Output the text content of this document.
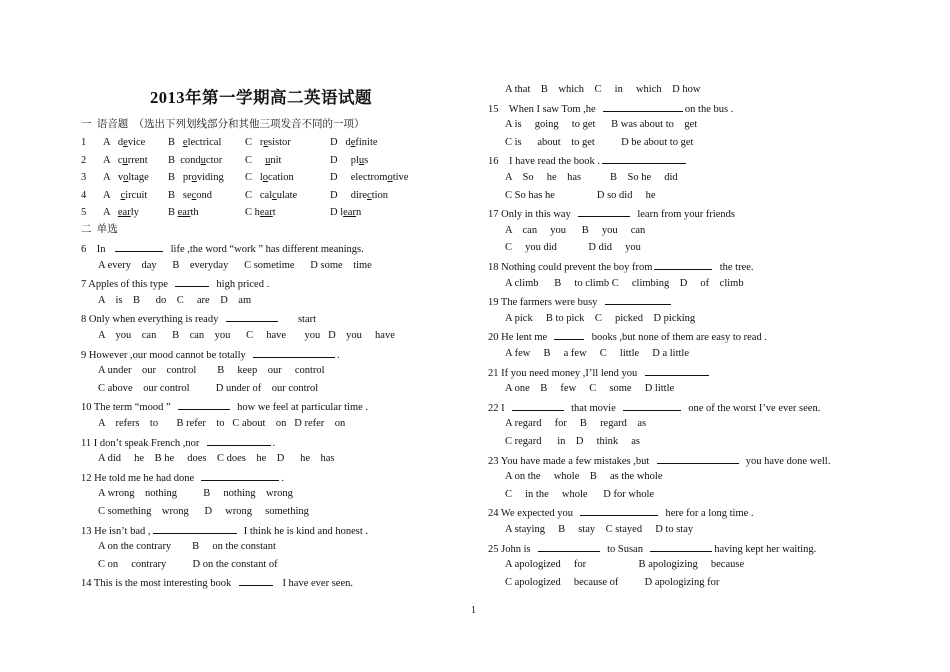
2013年第一学期高二英语试题
一  语音题  （选出下列划线部分和其他三项发音不同的一项）
1 A   device B   electrical C   resistor	D   definite
2 A   current B  conductor C     unit	D     plus
3 A   voltage B   providing C   location	D     electromotive
4 A    circuit B   second	C   calculate	D     direction
5 A   early	B earth	C heart	D learn
二  单选
6    In	life ,the word “work ” has different meanings.
A every    day      B    everyday      C sometime      D some    time
7 Apples of this type	high priced .
A    is    B      do    C     are    D    am
8 Only when everything is ready	start
A    you    can      B    can    you      C     have       you   D    you     have
9 However ,our mood cannot be totally	.
A under    our    control        B     keep    our     control
C above    our control          D under of    our control
10 The term “mood ”	how we feel at particular time .
A    refers    to       B refer    to   C about    on   D refer    on
11 I don’t speak French ,nor	.
A did     he    B he     does    C does    he    D      he    has
12 He told me he had done	.
A wrong    nothing          B     nothing    wrong
C something    wrong      D     wrong     something
13 He isn’t bad ,	I think he is kind and honest .
A on the contrary        B     on the constant
C on     contrary          D on the constant of
14 This is the most interesting book	I have ever seen.
A that    B    which    C     in     which    D how
15    When I saw Tom ,he	on the bus .
A is     going     to get      B was about to    get
C is      about    to get          D be about to get
16    I have read the book .
A    So     he    has           B    So he     did
C So has he                D so did     he
17 Only in this way	learn from your friends
A    can     you      B     you     can
C     you did            D did     you
18 Nothing could prevent the boy from	the tree.
A climb      B     to climb C     climbing    D     of    climb
19 The farmers were busy
A pick     B to pick    C     picked    D picking
20 He lent me	books ,but none of them are easy to read .
A few     B     a few     C     little     D a little
21 If you need money ,I’ll lend you
A one    B     few     C     some     D little
22 I	that movie	one of the worst I’ve ever seen.
A regard     for     B     regard    as
C regard      in    D     think     as
23 You have made a few mistakes ,but	you have done well.
A on the     whole    B     as the whole
C     in the     whole      D for whole
24 We expected you	here for a long time .
A staying     B     stay    C stayed     D to stay
25 John is	to Susan	having kept her waiting.
A apologized     for                    B apologizing     because
C apologized     because of          D apologizing for
1
